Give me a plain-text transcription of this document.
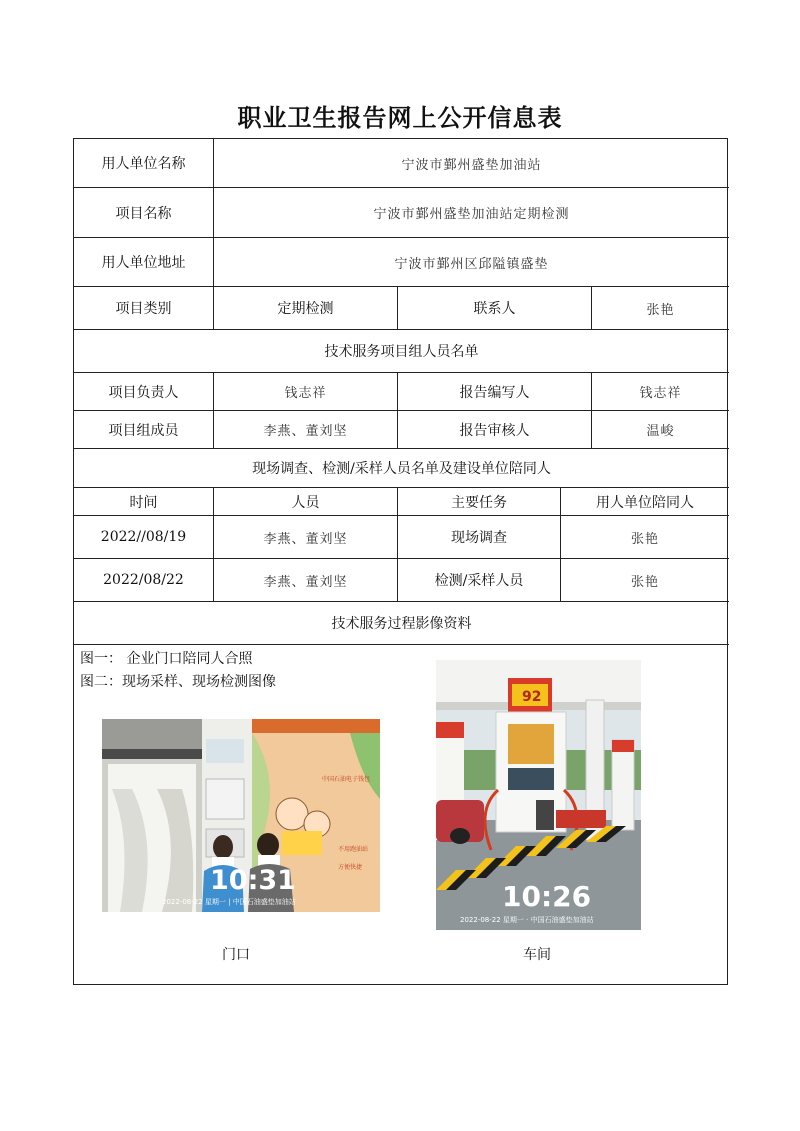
职业卫生报告网上公开信息表
用人单位名称	宁波市鄞州盛垫加油站
项目名称	宁波市鄞州盛垫加油站定期检测
用人单位地址	宁波市鄞州区邱隘镇盛垫
项目类别	定期检测	联系人	张艳
技术服务项目组人员名单
项目负责人	钱志祥	报告编写人	钱志祥
项目组成员	李燕、董刘坚	报告审核人	温峻
现场调查、检测/采样人员名单及建设单位陪同人
时间	人员	主要任务	用人单位陪同人
2022//08/19	李燕、董刘坚	现场调查	张艳
2022/08/22	李燕、董刘坚	检测/采样人员	张艳
技术服务过程影像资料
图一： 企业门口陪同人合照
图二：现场采样、现场检测图像
中国石油电子钱包
不用跑油站
方便快捷
10:31
2022-08-22 星期一 | 中国石油盛垫加油站
92
10:26
2022-08-22 星期一 · 中国石油盛垫加油站
门口	车间
